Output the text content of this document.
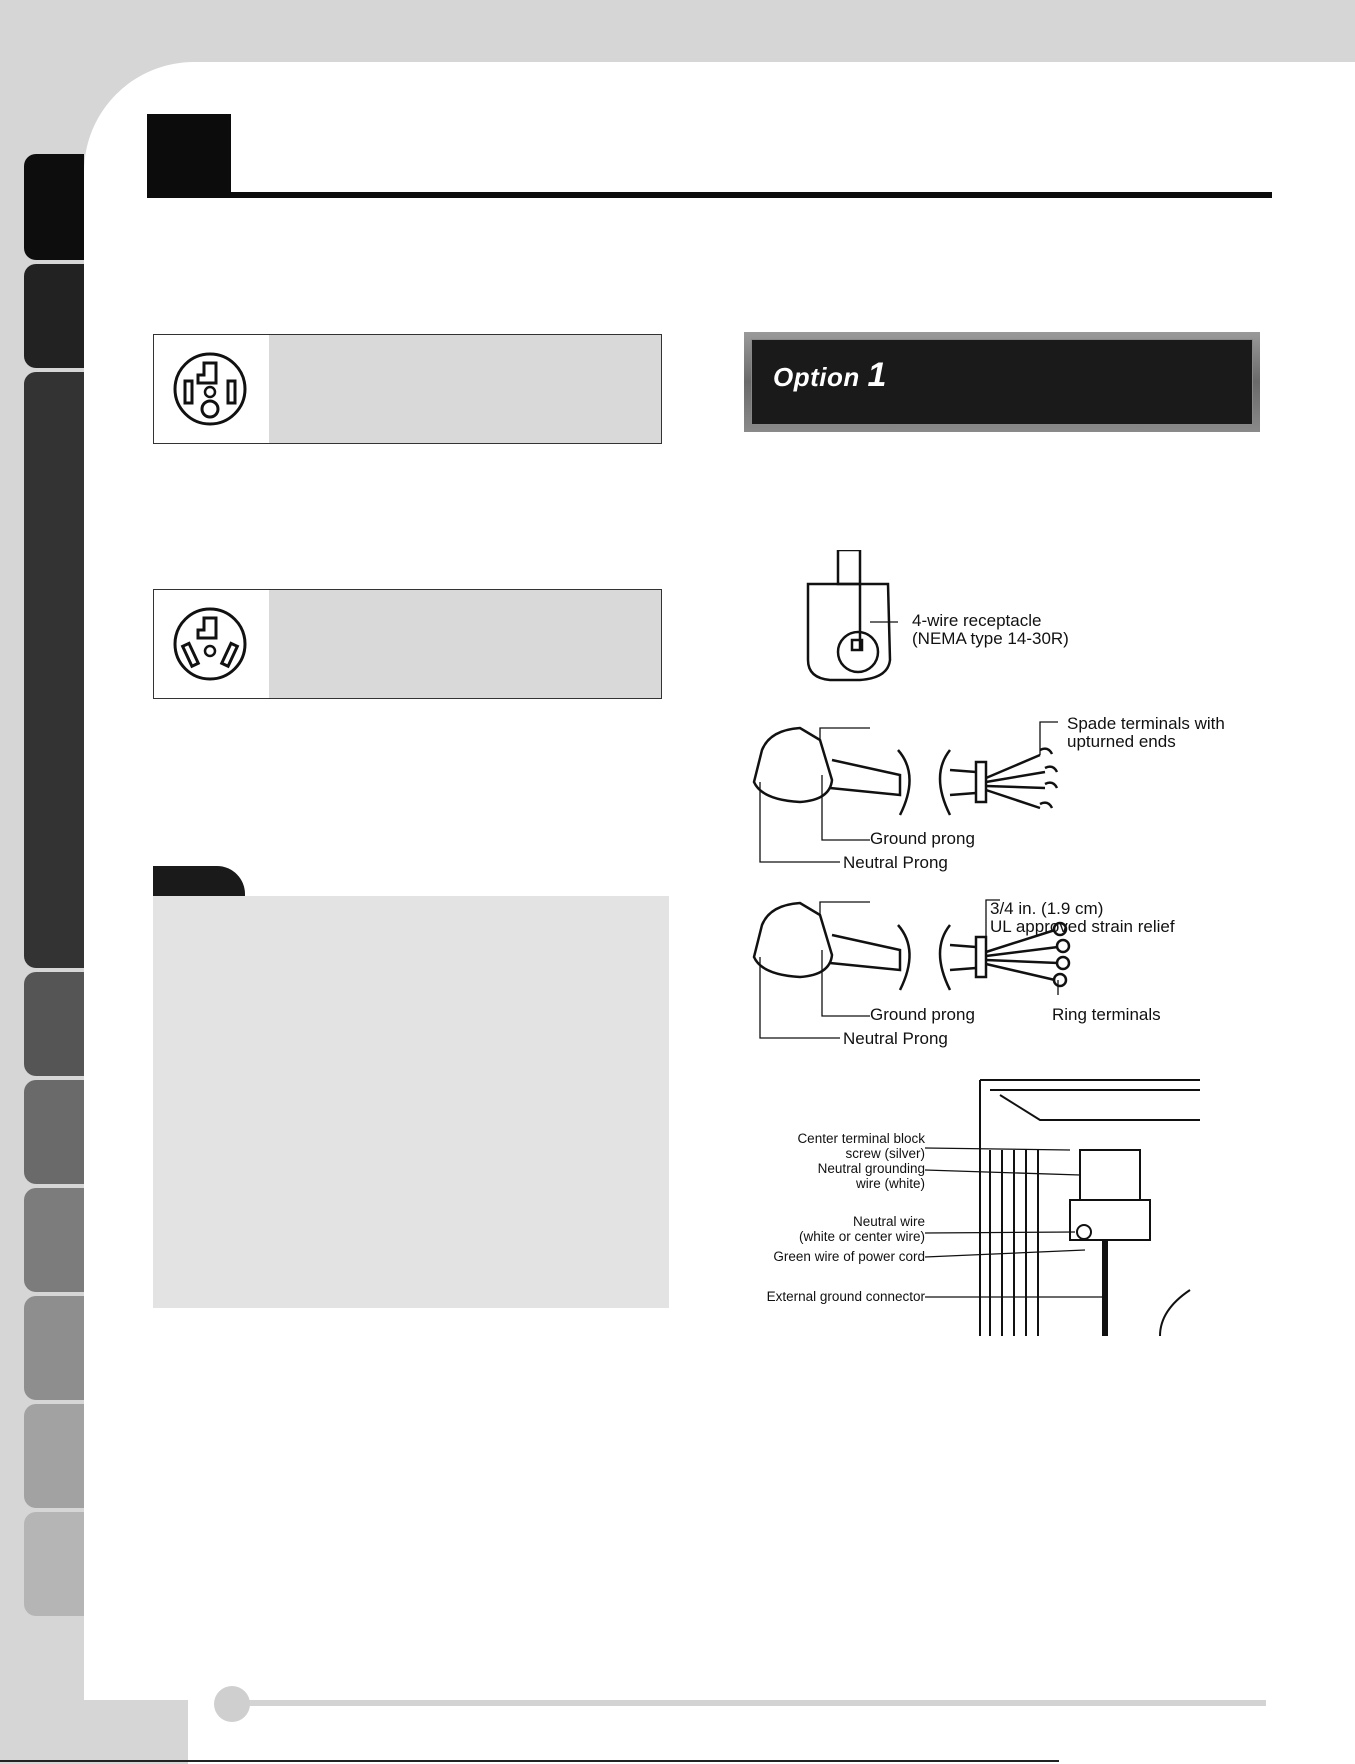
Option 1
4-wire receptacle
(NEMA type 14-30R)
Spade terminals with
upturned ends
Ground prong
Neutral Prong
3/4 in. (1.9 cm)
UL approved strain relief
Ground prong	Ring terminals
Neutral Prong
Center terminal block
screw (silver)
Neutral grounding
wire (white)
Neutral wire
(white or center wire)
Green wire of power cord
External ground connector
